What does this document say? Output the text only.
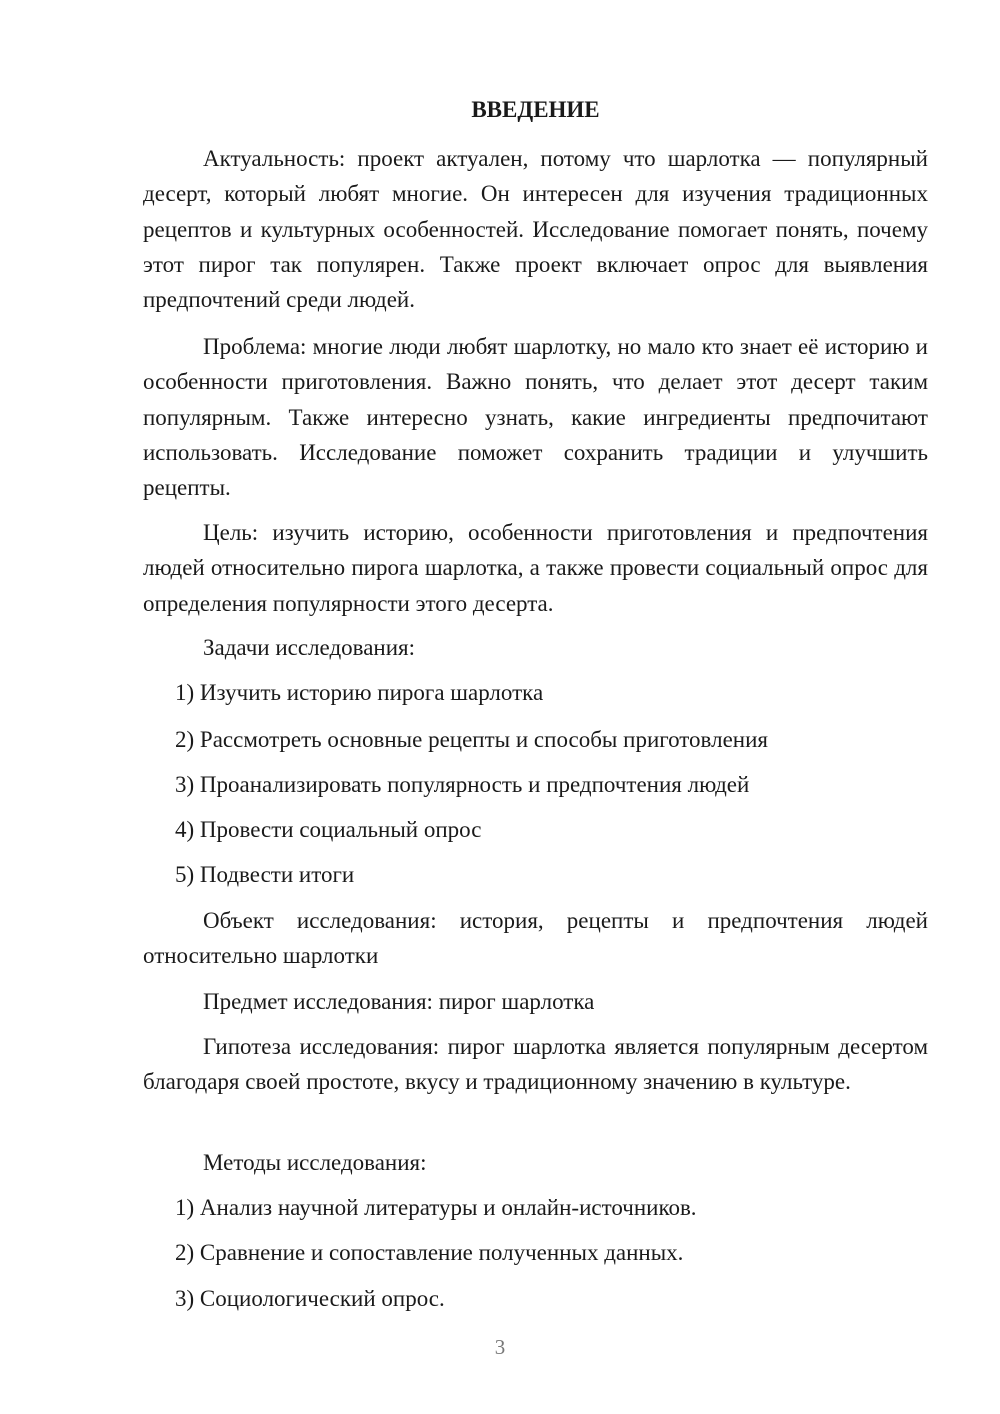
ВВЕДЕНИЕ

Актуальность: проект актуален, потому что шарлотка — популярный десерт, который любят многие. Он интересен для изучения традиционных рецептов и культурных особенностей. Исследование помогает понять, почему этот пирог так популярен. Также проект включает опрос для выявления предпочтений среди людей.

Проблема: многие люди любят шарлотку, но мало кто знает её историю и особенности приготовления. Важно понять, что делает этот десерт таким популярным. Также интересно узнать, какие ингредиенты предпочитают использовать. Исследование поможет сохранить традиции и улучшить рецепты.

Цель: изучить историю, особенности приготовления и предпочтения людей относительно пирога шарлотка, а также провести социальный опрос для определения популярности этого десерта.

Задачи исследования:
1) Изучить историю пирога шарлотка
2) Рассмотреть основные рецепты и способы приготовления
3) Проанализировать популярность и предпочтения людей
4) Провести социальный опрос
5) Подвести итоги

Объект исследования: история, рецепты и предпочтения людей относительно шарлотки

Предмет исследования: пирог шарлотка

Гипотеза исследования: пирог шарлотка является популярным десертом благодаря своей простоте, вкусу и традиционному значению в культуре.

Методы исследования:
1) Анализ научной литературы и онлайн-источников.
2) Сравнение и сопоставление полученных данных.
3) Социологический опрос.
3
